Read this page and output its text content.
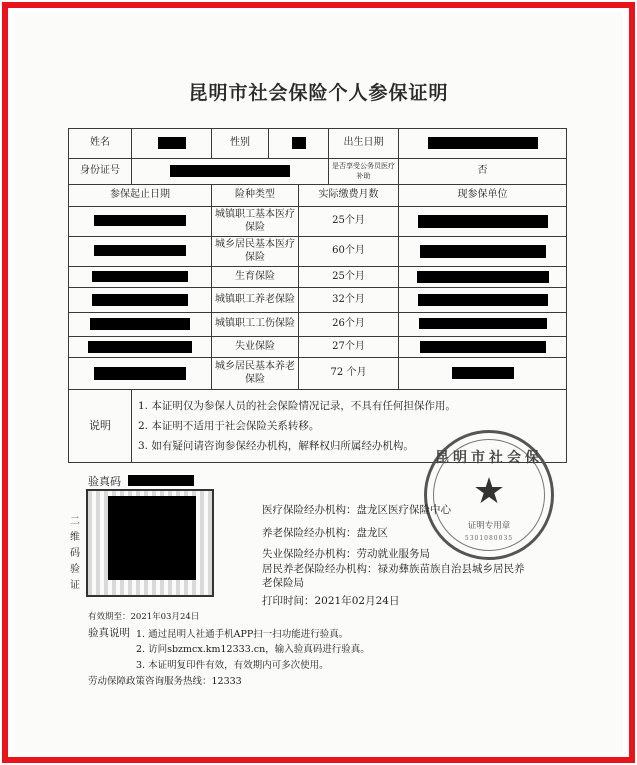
昆明市社会保险个人参保证明
姓名		性别			出生日期	
身份证号					是否享受公务员医疗补助	否
参保起止日期		险种类型		实际缴费月数		现参保单位
		城镇职工基本医疗保险		25个月		
		城乡居民基本医疗保险		60个月		
		生育保险		25个月		
		城镇职工养老保险		32个月		
		城镇职工工伤保险		26个月		
		失业保险		27个月		
		城乡居民基本养老保险		72 个月		
说明	1. 本证明仅为参保人员的社会保险情况记录，不具有任何担保作用。
2. 本证明不适用于社会保险关系转移。
3. 如有疑问请咨询参保经办机构，解释权归所属经办机构。					
验真码
二
维
码
验
证
昆明市社会保
★
证明专用章
5301080035
医疗保险经办机构：盘龙区医疗保险中心
养老保险经办机构：盘龙区
失业保险经办机构：劳动就业服务局
居民养老保险经办机构：禄劝彝族苗族自治县城乡居民养
老保险局
打印时间：2021年02月24日
有效期至：2021年03月24日
验真说明 1. 通过昆明人社通手机APP扫一扫功能进行验真。
2. 访问sbzmcx.km12333.cn，输入验真码进行验真。
3. 本证明复印件有效，有效期内可多次使用。
劳动保障政策咨询服务热线：12333
